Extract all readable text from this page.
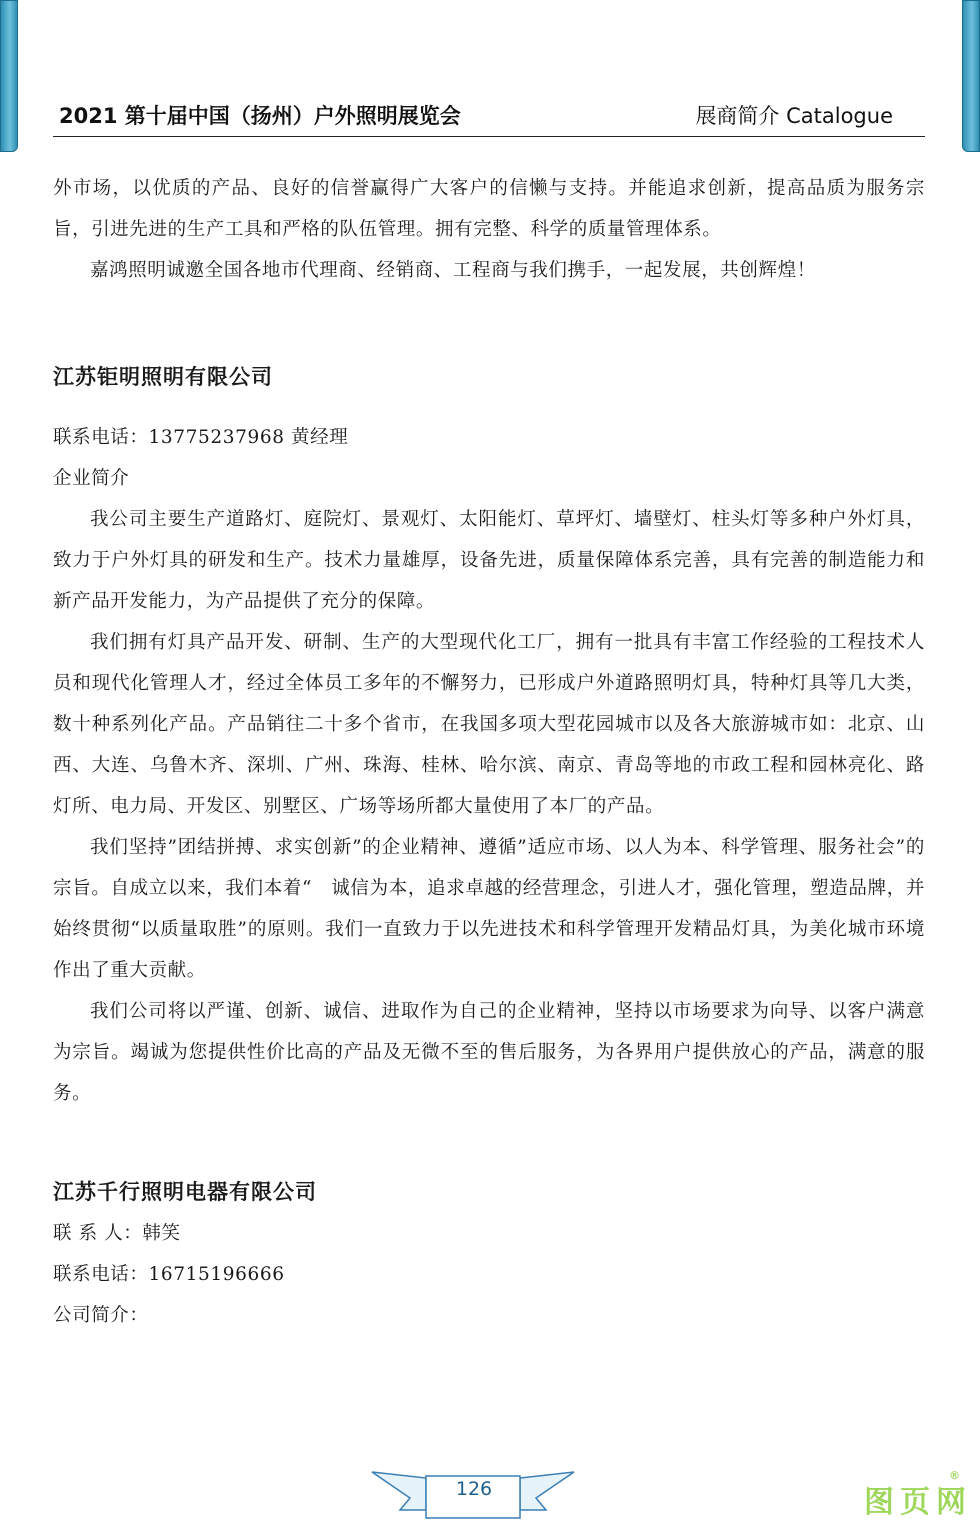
2021 第十届中国（扬州）户外照明展览会	展商简介 Catalogue

外市场，以优质的产品、良好的信誉赢得广大客户的信懒与支持。并能追求创新，提高品质为服务宗旨，引进先进的生产工具和严格的队伍管理。拥有完整、科学的质量管理体系。

嘉鸿照明诚邀全国各地市代理商、经销商、工程商与我们携手，一起发展，共创辉煌！

江苏钜明照明有限公司

联系电话：13775237968 黄经理

企业简介

我公司主要生产道路灯、庭院灯、景观灯、太阳能灯、草坪灯、墙壁灯、柱头灯等多种户外灯具，致力于户外灯具的研发和生产。技术力量雄厚，设备先进，质量保障体系完善，具有完善的制造能力和新产品开发能力，为产品提供了充分的保障。

我们拥有灯具产品开发、研制、生产的大型现代化工厂，拥有一批具有丰富工作经验的工程技术人员和现代化管理人才，经过全体员工多年的不懈努力，已形成户外道路照明灯具，特种灯具等几大类，数十种系列化产品。产品销往二十多个省市，在我国多项大型花园城市以及各大旅游城市如：北京、山西、大连、乌鲁木齐、深圳、广州、珠海、桂林、哈尔滨、南京、青岛等地的市政工程和园林亮化、路灯所、电力局、开发区、别墅区、广场等场所都大量使用了本厂的产品。

我们坚持”团结拼搏、求实创新”的企业精神、遵循”适应市场、以人为本、科学管理、服务社会”的宗旨。自成立以来，我们本着“　诚信为本，追求卓越的经营理念，引进人才，强化管理，塑造品牌，并始终贯彻“以质量取胜”的原则。我们一直致力于以先进技术和科学管理开发精品灯具，为美化城市环境作出了重大贡献。

我们公司将以严谨、创新、诚信、进取作为自己的企业精神，坚持以市场要求为向导、以客户满意为宗旨。竭诚为您提供性价比高的产品及无微不至的售后服务，为各界用户提供放心的产品，满意的服务。

江苏千行照明电器有限公司

联 系 人：韩笑

联系电话：16715196666

公司简介：

126	图页网
®
